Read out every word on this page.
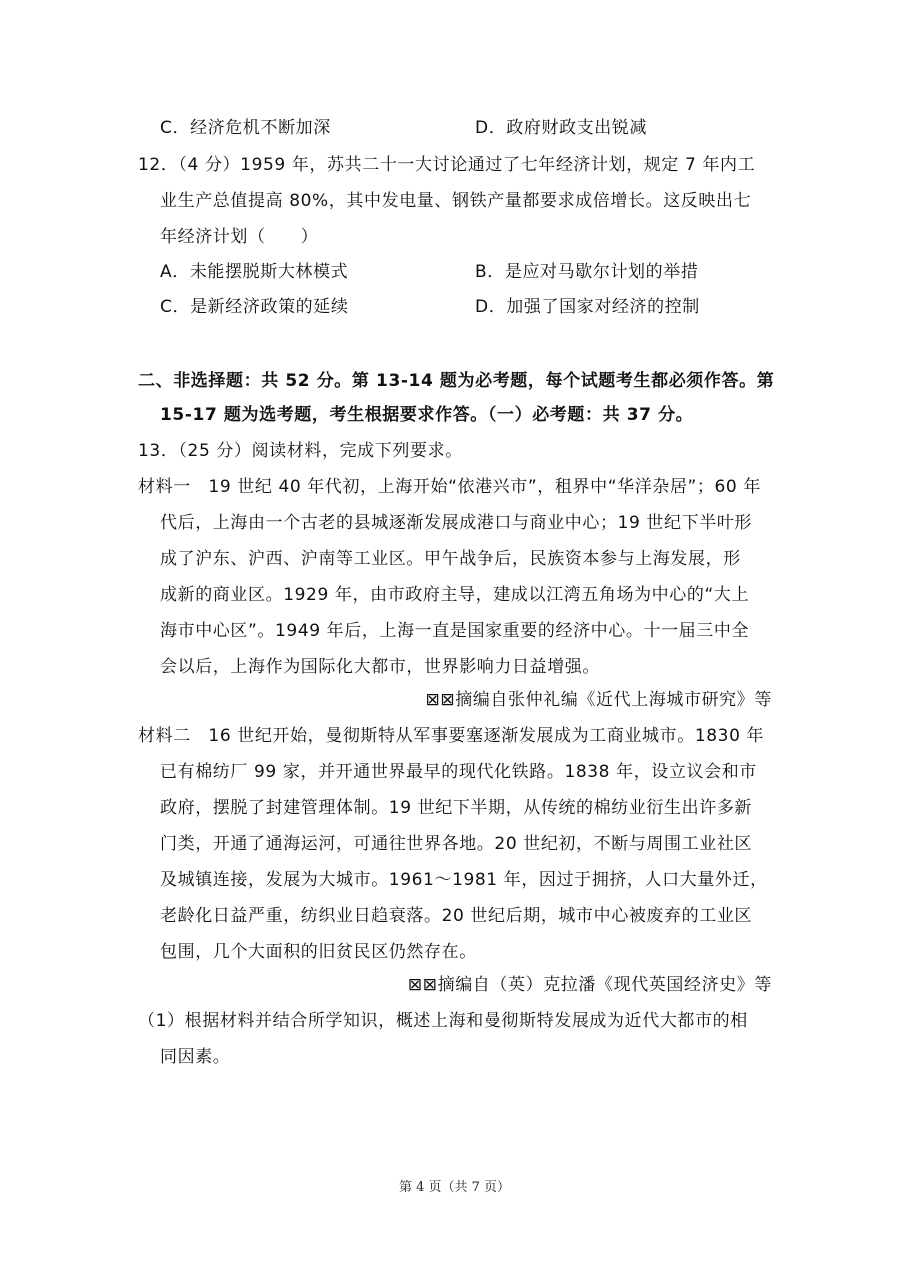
C．经济危机不断加深	D．政府财政支出锐减
12．（4 分）1959 年，苏共二十一大讨论通过了七年经济计划，规定 7 年内工
业生产总值提高 80%，其中发电量、钢铁产量都要求成倍增长。这反映出七
年经济计划（　　）
A．未能摆脱斯大林模式	B．是应对马歇尔计划的举措
C．是新经济政策的延续	D．加强了国家对经济的控制
二、非选择题：共 52 分。第 13-14 题为必考题，每个试题考生都必须作答。第
15-17 题为选考题，考生根据要求作答。（一）必考题：共 37 分。
13．（25 分）阅读材料，完成下列要求。
材料一　19 世纪 40 年代初，上海开始“依港兴市”，租界中“华洋杂居”；60 年
代后，上海由一个古老的县城逐渐发展成港口与商业中心；19 世纪下半叶形
成了沪东、沪西、沪南等工业区。甲午战争后，民族资本参与上海发展，形
成新的商业区。1929 年，由市政府主导，建成以江湾五角场为中心的“大上
海市中心区”。1949 年后，上海一直是国家重要的经济中心。十一届三中全
会以后，上海作为国际化大都市，世界影响力日益增强。
⊠⊠摘编自张仲礼编《近代上海城市研究》等
材料二　16 世纪开始，曼彻斯特从军事要塞逐渐发展成为工商业城市。1830 年
已有棉纺厂 99 家，并开通世界最早的现代化铁路。1838 年，设立议会和市
政府，摆脱了封建管理体制。19 世纪下半期，从传统的棉纺业衍生出许多新
门类，开通了通海运河，可通往世界各地。20 世纪初，不断与周围工业社区
及城镇连接，发展为大城市。1961～1981 年，因过于拥挤，人口大量外迁，
老龄化日益严重，纺织业日趋衰落。20 世纪后期，城市中心被废弃的工业区
包围，几个大面积的旧贫民区仍然存在。
⊠⊠摘编自（英）克拉潘《现代英国经济史》等
（1）根据材料并结合所学知识，概述上海和曼彻斯特发展成为近代大都市的相
同因素。
第 4 页（共 7 页）
